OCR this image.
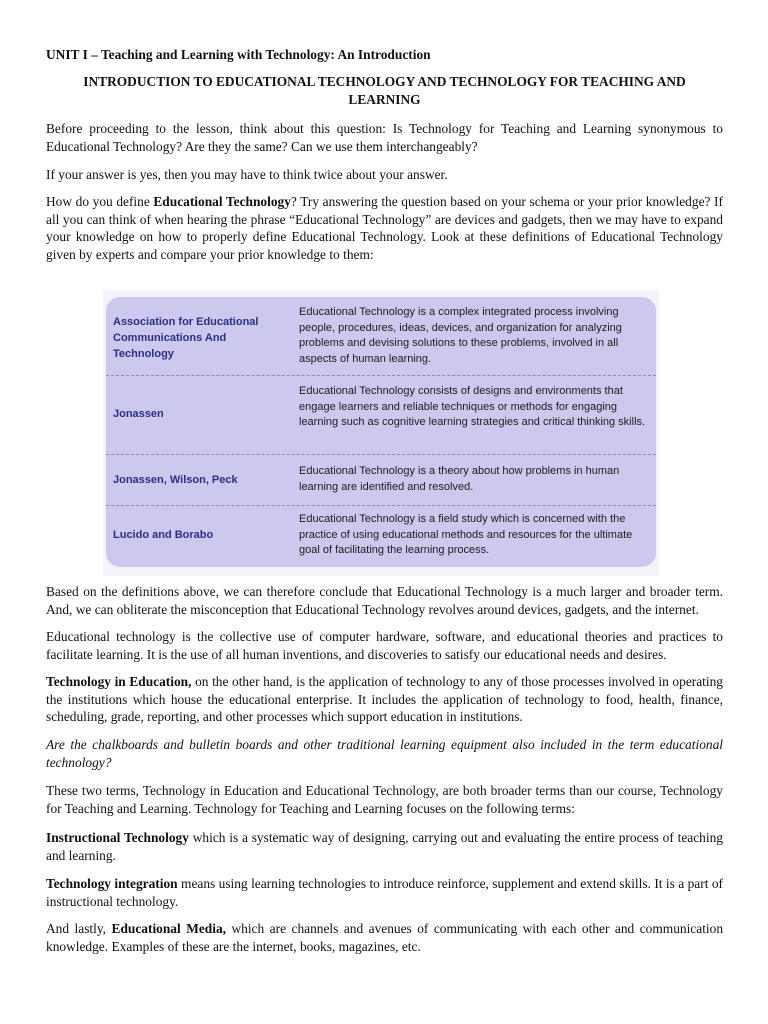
UNIT I – Teaching and Learning with Technology: An Introduction

INTRODUCTION TO EDUCATIONAL TECHNOLOGY AND TECHNOLOGY FOR TEACHING AND LEARNING

Before proceeding to the lesson, think about this question: Is Technology for Teaching and Learning synonymous to Educational Technology? Are they the same? Can we use them interchangeably?

If your answer is yes, then you may have to think twice about your answer.

How do you define Educational Technology? Try answering the question based on your schema or your prior knowledge? If all you can think of when hearing the phrase “Educational Technology” are devices and gadgets, then we may have to expand your knowledge on how to properly define Educational Technology. Look at these definitions of Educational Technology given by experts and compare your prior knowledge to them:

Association for Educational Communications And Technology
Educational Technology is a complex integrated process involving people, procedures, ideas, devices, and organization for analyzing problems and devising solutions to these problems, involved in all aspects of human learning.
Jonassen
Educational Technology consists of designs and environments that engage learners and reliable techniques or methods for engaging learning such as cognitive learning strategies and critical thinking skills.
Jonassen, Wilson, Peck
Educational Technology is a theory about how problems in human learning are identified and resolved.
Lucido and Borabo
Educational Technology is a field study which is concerned with the practice of using educational methods and resources for the ultimate goal of facilitating the learning process.

Based on the definitions above, we can therefore conclude that Educational Technology is a much larger and broader term. And, we can obliterate the misconception that Educational Technology revolves around devices, gadgets, and the internet.

Educational technology is the collective use of computer hardware, software, and educational theories and practices to facilitate learning. It is the use of all human inventions, and discoveries to satisfy our educational needs and desires.

Technology in Education, on the other hand, is the application of technology to any of those processes involved in operating the institutions which house the educational enterprise. It includes the application of technology to food, health, finance, scheduling, grade, reporting, and other processes which support education in institutions.

Are the chalkboards and bulletin boards and other traditional learning equipment also included in the term educational technology?

These two terms, Technology in Education and Educational Technology, are both broader terms than our course, Technology for Teaching and Learning. Technology for Teaching and Learning focuses on the following terms:

Instructional Technology which is a systematic way of designing, carrying out and evaluating the entire process of teaching and learning.

Technology integration means using learning technologies to introduce reinforce, supplement and extend skills. It is a part of instructional technology.

And lastly, Educational Media, which are channels and avenues of communicating with each other and communication knowledge. Examples of these are the internet, books, magazines, etc.
